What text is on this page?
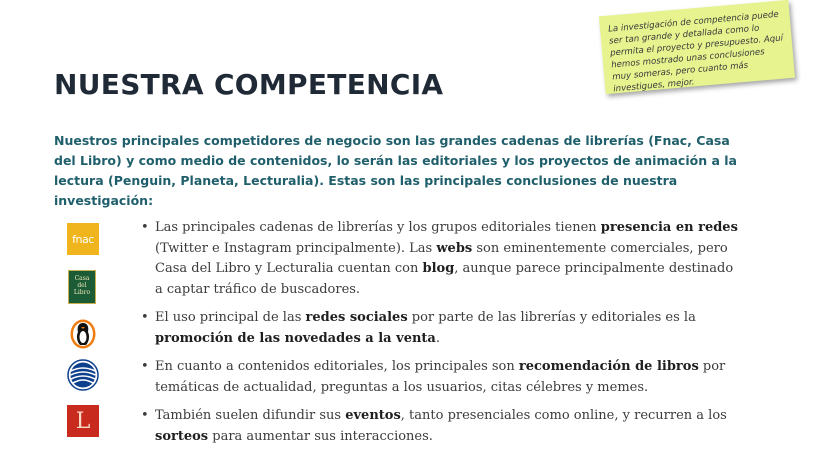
La investigación de competencia puede ser tan grande y detallada como lo permita el proyecto y presupuesto. Aquí hemos mostrado unas conclusiones muy someras, pero cuanto más investigues, mejor.
NUESTRA COMPETENCIA

Nuestros principales competidores de negocio son las grandes cadenas de librerías (Fnac, Casa del Libro) y como medio de contenidos, lo serán las editoriales y los proyectos de animación a la lectura (Penguin, Planeta, Lecturalia). Estas son las principales conclusiones de nuestra investigación:

fnac
Casa
del
Libro
L
• Las principales cadenas de librerías y los grupos editoriales tienen presencia en redes (Twitter e Instagram principalmente). Las webs son eminentemente comerciales, pero Casa del Libro y Lecturalia cuentan con blog, aunque parece principalmente destinado a captar tráfico de buscadores.
• El uso principal de las redes sociales por parte de las librerías y editoriales es la promoción de las novedades a la venta.
• En cuanto a contenidos editoriales, los principales son recomendación de libros por temáticas de actualidad, preguntas a los usuarios, citas célebres y memes.
• También suelen difundir sus eventos, tanto presenciales como online, y recurren a los sorteos para aumentar sus interacciones.
